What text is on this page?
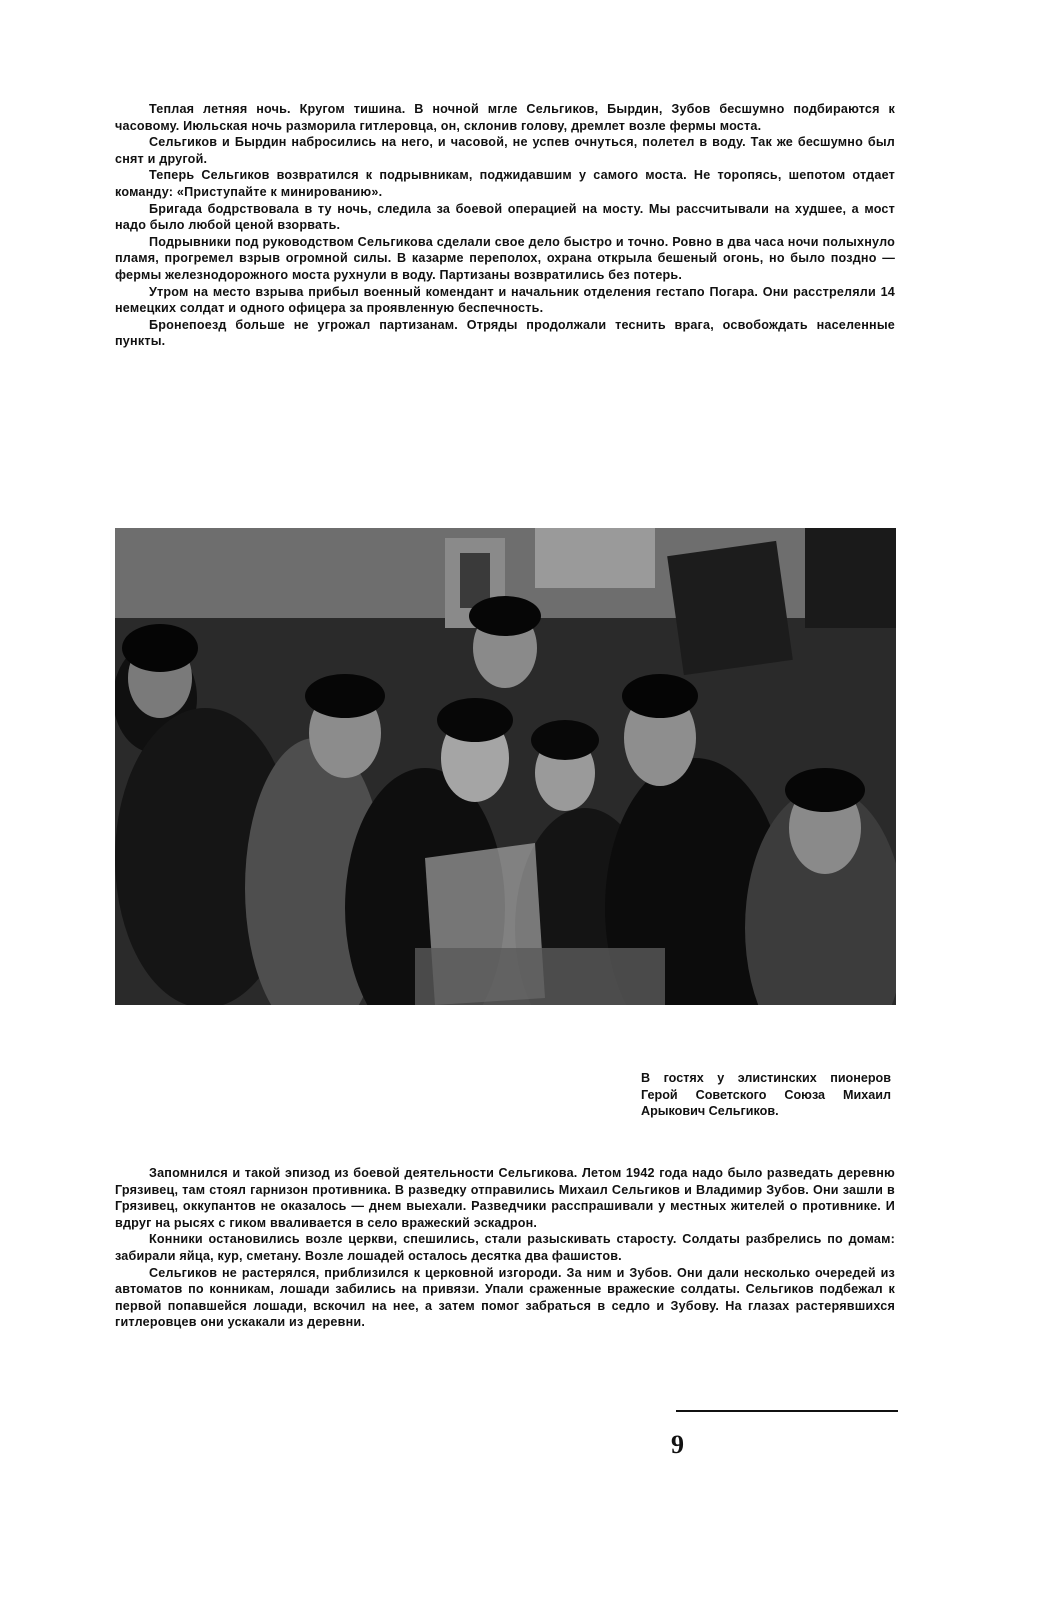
Теплая летняя ночь. Кругом тишина. В ночной мгле Сельгиков, Бырдин, Зубов бесшумно подбираются к часовому. Июльская ночь разморила гитлеровца, он, склонив голову, дремлет возле фермы моста.

Сельгиков и Бырдин набросились на него, и часовой, не успев очнуться, полетел в воду. Так же бесшумно был снят и другой.

Теперь Сельгиков возвратился к подрывникам, поджидавшим у самого моста. Не торопясь, шепотом отдает команду: «Приступайте к минированию».

Бригада бодрствовала в ту ночь, следила за боевой операцией на мосту. Мы рассчитывали на худшее, а мост надо было любой ценой взорвать.

Подрывники под руководством Сельгикова сделали свое дело быстро и точно. Ровно в два часа ночи полыхнуло пламя, прогремел взрыв огромной силы. В казарме переполох, охрана открыла бешеный огонь, но было поздно — фермы железнодорожного моста рухнули в воду. Партизаны возвратились без потерь.

Утром на место взрыва прибыл военный комендант и начальник отделения гестапо Погара. Они расстреляли 14 немецких солдат и одного офицера за проявленную беспечность.

Бронепоезд больше не угрожал партизанам. Отряды продолжали теснить врага, освобождать населенные пункты.

В гостях у элистинских пионеров Герой Советского Союза Михаил Арыкович Сельгиков.

Запомнился и такой эпизод из боевой деятельности Сельгикова. Летом 1942 года надо было разведать деревню Грязивец, там стоял гарнизон противника. В разведку отправились Михаил Сельгиков и Владимир Зубов. Они зашли в Грязивец, оккупантов не оказалось — днем выехали. Разведчики расспрашивали у местных жителей о противнике. И вдруг на рысях с гиком вваливается в село вражеский эскадрон.

Конники остановились возле церкви, спешились, стали разыскивать старосту. Солдаты разбрелись по домам: забирали яйца, кур, сметану. Возле лошадей осталось десятка два фашистов.

Сельгиков не растерялся, приблизился к церковной изгороди. За ним и Зубов. Они дали несколько очередей из автоматов по конникам, лошади забились на привязи. Упали сраженные вражеские солдаты. Сельгиков подбежал к первой попавшейся лошади, вскочил на нее, а затем помог забраться в седло и Зубову. На глазах растерявшихся гитлеровцев они ускакали из деревни.

9
